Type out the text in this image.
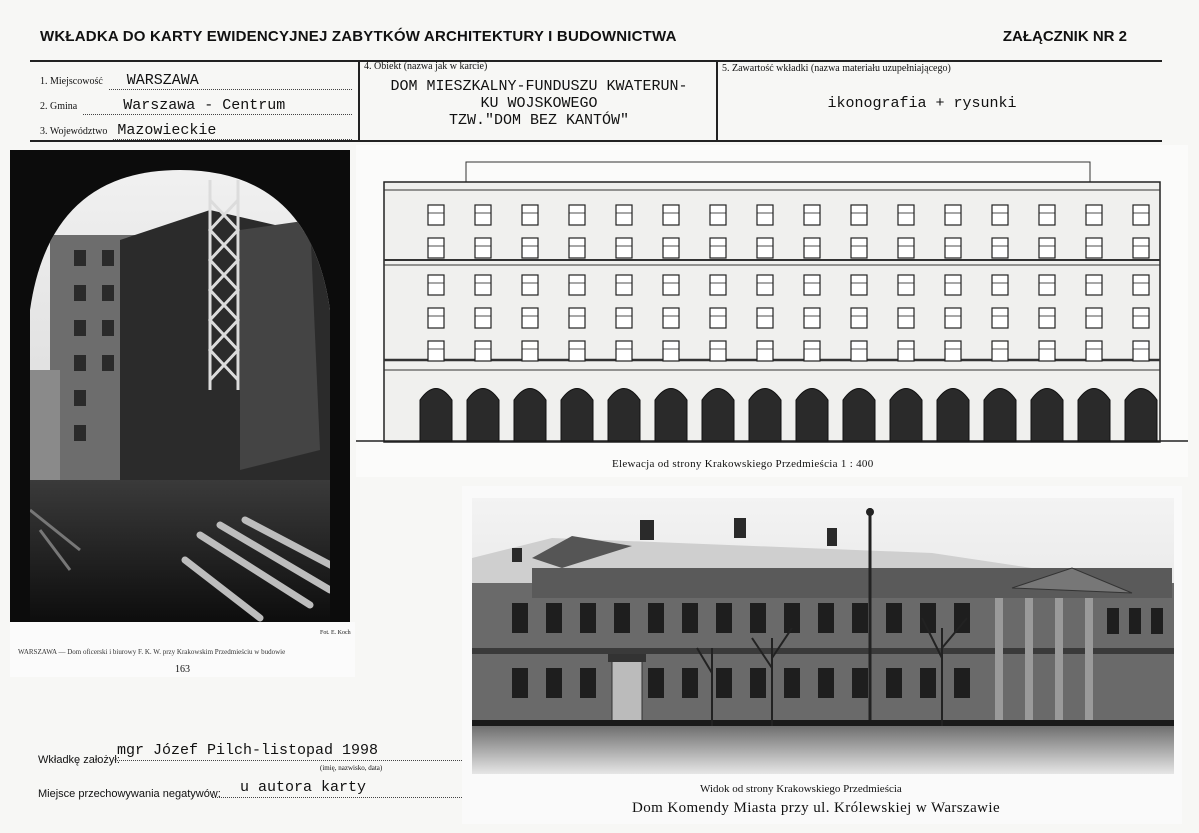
WKŁADKA DO KARTY EWIDENCYJNEJ ZABYTKÓW ARCHITEKTURY I BUDOWNICTWA	ZAŁĄCZNIK NR 2
1. Miejscowość	WARSZAWA
2. Gmina	Warszawa - Centrum
3. Województwo Mazowieckie
4. Obiekt (nazwa jak w karcie)
DOM MIESZKALNY-FUNDUSZU KWATERUN-
KU WOJSKOWEGO
TZW."DOM BEZ KANTÓW"
5. Zawartość wkładki (nazwa materiału uzupełniającego)
ikonografia + rysunki
Fot. E. Koch
WARSZAWA — Dom oficerski i biurowy F. K. W. przy Krakowskim Przedmieściu w budowie
163
Elewacja od strony Krakowskiego Przedmieścia 1 : 400
Widok od strony Krakowskiego Przedmieścia
Dom Komendy Miasta przy ul. Królewskiej w Warszawie
Wkładkę założył:
mgr Józef Pilch-listopad 1998
(imię, nazwisko, data)
Miejsce przechowywania negatywów: u autora karty
